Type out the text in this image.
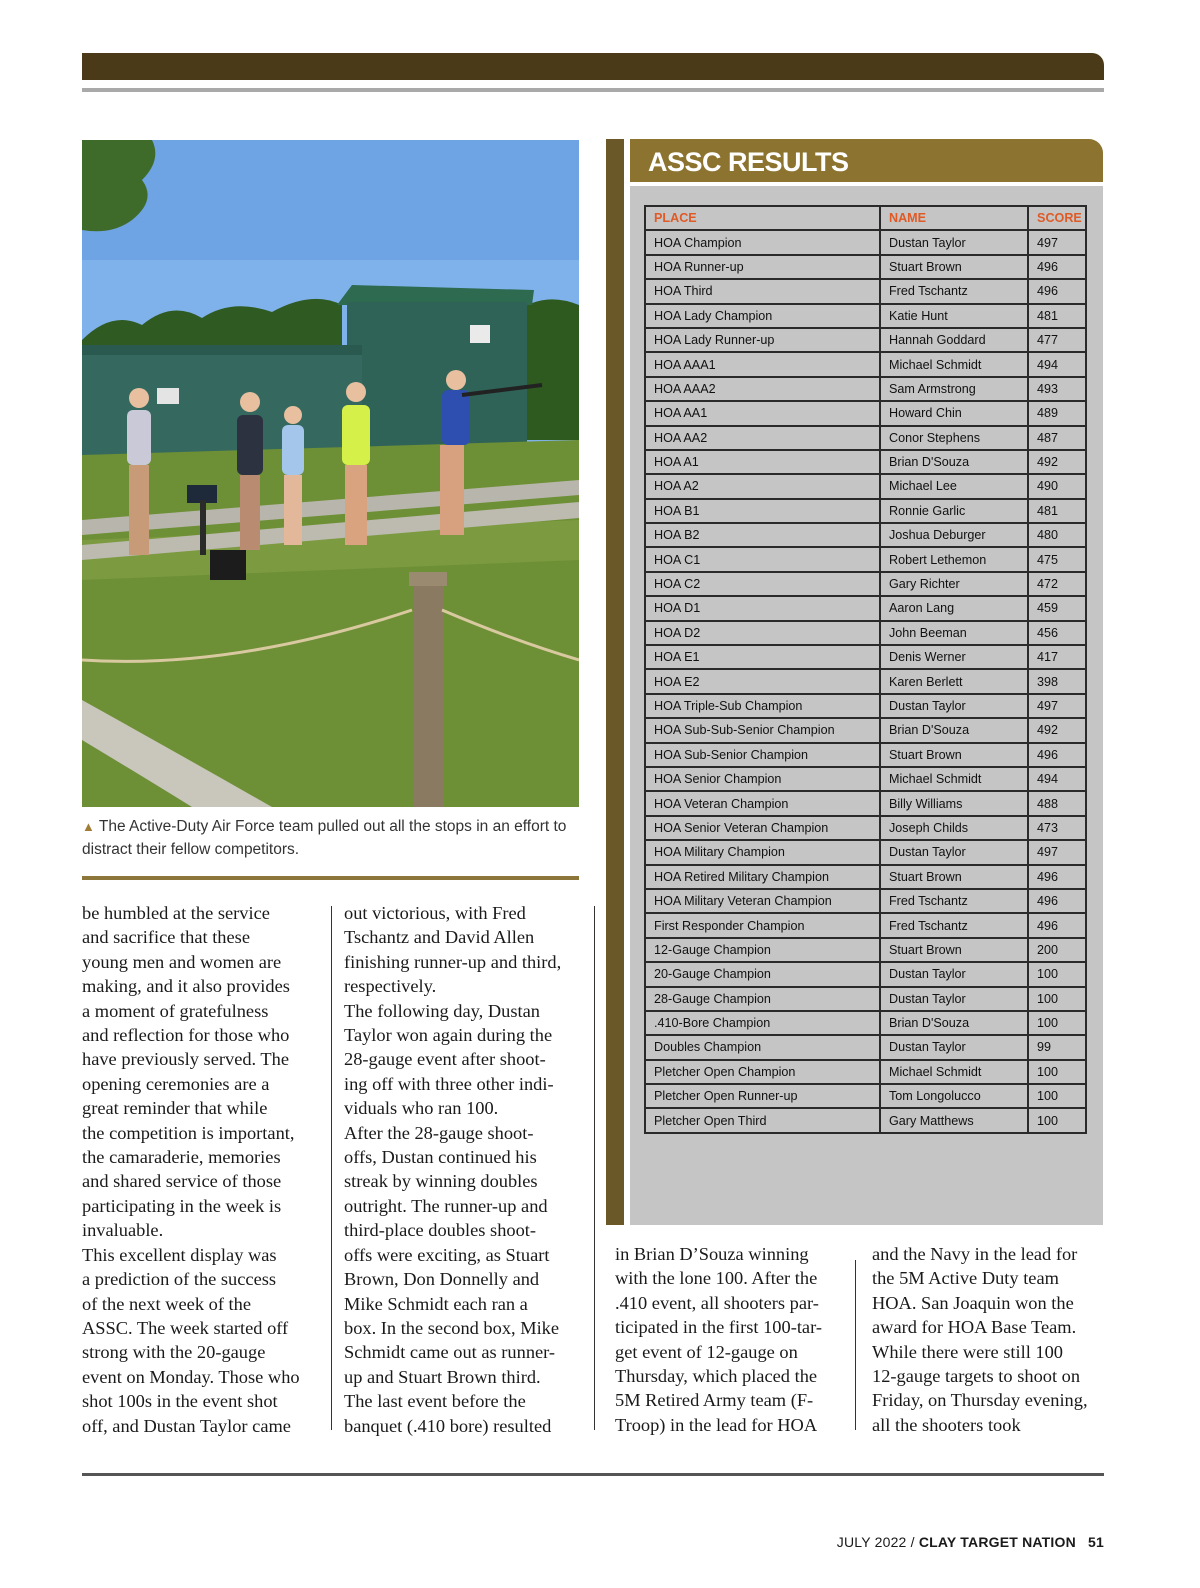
▲ The Active-Duty Air Force team pulled out all the stops in an effort to distract their fellow competitors.
be humbled at the service
and sacrifice that these
young men and women are
making, and it also provides
a moment of gratefulness
and reflection for those who
have previously served. The
opening ceremonies are a
great reminder that while
the competition is important,
the camaraderie, memories
and shared service of those
participating in the week is
invaluable.
This excellent display was
a prediction of the success
of the next week of the
ASSC. The week started off
strong with the 20-gauge
event on Monday. Those who
shot 100s in the event shot
off, and Dustan Taylor came
out victorious, with Fred
Tschantz and David Allen
finishing runner-up and third,
respectively.
The following day, Dustan
Taylor won again during the
28-gauge event after shoot-
ing off with three other indi-
viduals who ran 100.
After the 28-gauge shoot-
offs, Dustan continued his
streak by winning doubles
outright. The runner-up and
third-place doubles shoot-
offs were exciting, as Stuart
Brown, Don Donnelly and
Mike Schmidt each ran a
box. In the second box, Mike
Schmidt came out as runner-
up and Stuart Brown third.
The last event before the
banquet (.410 bore) resulted
in Brian D’Souza winning
with the lone 100. After the
.410 event, all shooters par-
ticipated in the first 100-tar-
get event of 12-gauge on
Thursday, which placed the
5M Retired Army team (F-
Troop) in the lead for HOA
and the Navy in the lead for
the 5M Active Duty team
HOA. San Joaquin won the
award for HOA Base Team.
While there were still 100
12-gauge targets to shoot on
Friday, on Thursday evening,
all the shooters took
ASSC RESULTS
PLACE	NAME	SCORE
HOA Champion	Dustan Taylor	497
HOA Runner-up	Stuart Brown	496
HOA Third	Fred Tschantz	496
HOA Lady Champion	Katie Hunt	481
HOA Lady Runner-up	Hannah Goddard	477
HOA AAA1	Michael Schmidt	494
HOA AAA2	Sam Armstrong	493
HOA AA1	Howard Chin	489
HOA AA2	Conor Stephens	487
HOA A1	Brian D'Souza	492
HOA A2	Michael Lee	490
HOA B1	Ronnie Garlic	481
HOA B2	Joshua Deburger	480
HOA C1	Robert Lethemon	475
HOA C2	Gary Richter	472
HOA D1	Aaron Lang	459
HOA D2	John Beeman	456
HOA E1	Denis Werner	417
HOA E2	Karen Berlett	398
HOA Triple-Sub Champion	Dustan Taylor	497
HOA Sub-Sub-Senior Champion	Brian D'Souza	492
HOA Sub-Senior Champion	Stuart Brown	496
HOA Senior Champion	Michael Schmidt	494
HOA Veteran Champion	Billy Williams	488
HOA Senior Veteran Champion	Joseph Childs	473
HOA Military Champion	Dustan Taylor	497
HOA Retired Military Champion	Stuart Brown	496
HOA Military Veteran Champion	Fred Tschantz	496
First Responder Champion	Fred Tschantz	496
12-Gauge Champion	Stuart Brown	200
20-Gauge Champion	Dustan Taylor	100
28-Gauge Champion	Dustan Taylor	100
.410-Bore Champion	Brian D'Souza	100
Doubles Champion	Dustan Taylor	99
Pletcher Open Champion	Michael Schmidt	100
Pletcher Open Runner-up	Tom Longolucco	100
Pletcher Open Third	Gary Matthews	100
JULY 2022 / CLAY TARGET NATION 51
